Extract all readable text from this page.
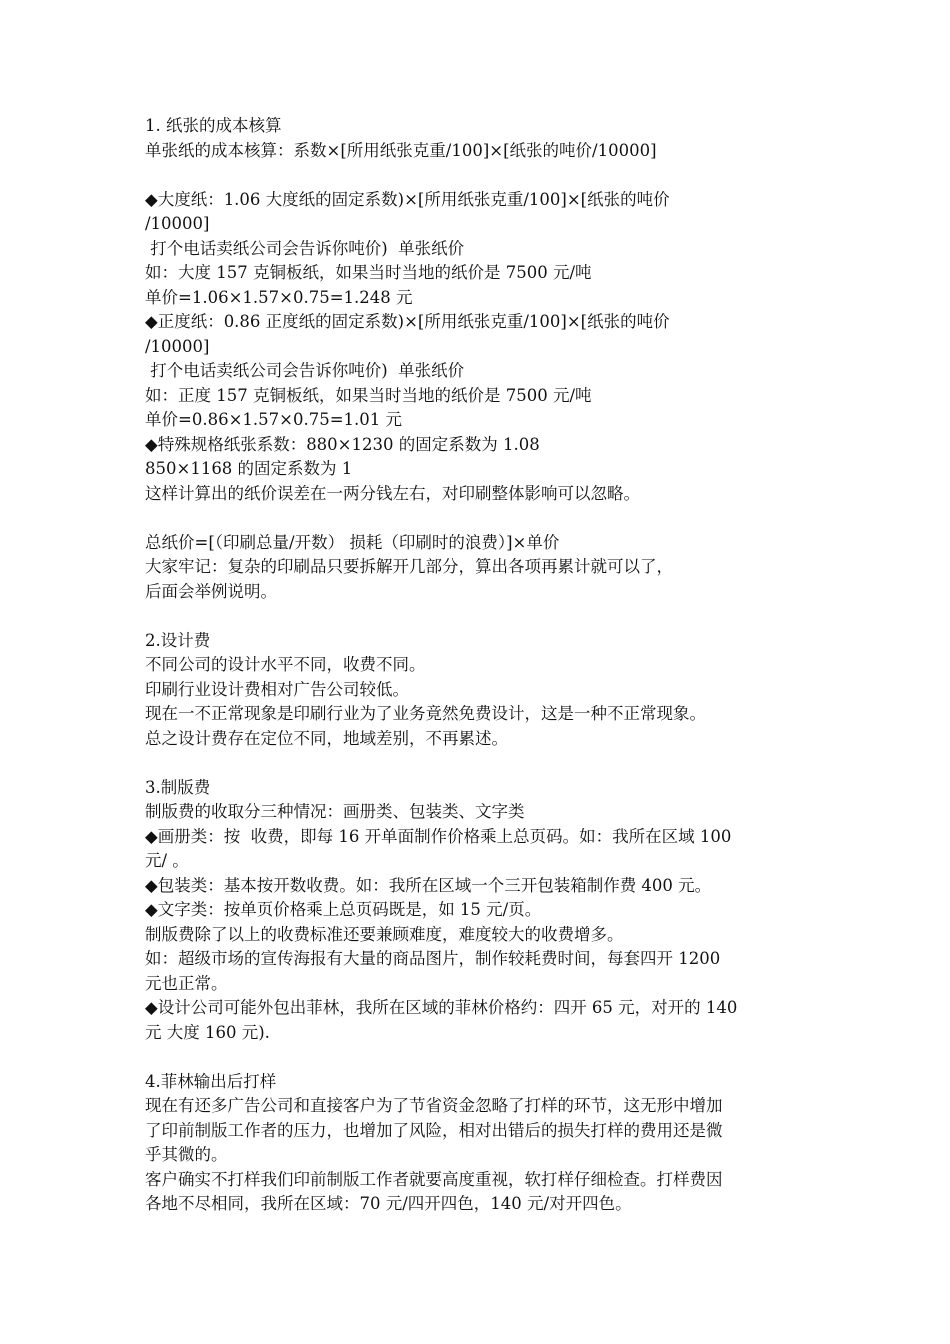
1. 纸张的成本核算
单张纸的成本核算：系数×[所用纸张克重/100]×[纸张的吨价/10000]
◆大度纸：1.06 大度纸的固定系数)×[所用纸张克重/100]×[纸张的吨价
/10000]
打个电话卖纸公司会告诉你吨价)  单张纸价
如：大度 157 克铜板纸，如果当时当地的纸价是 7500 元/吨
单价=1.06×1.57×0.75=1.248 元
◆正度纸：0.86 正度纸的固定系数)×[所用纸张克重/100]×[纸张的吨价
/10000]
打个电话卖纸公司会告诉你吨价)  单张纸价
如：正度 157 克铜板纸，如果当时当地的纸价是 7500 元/吨
单价=0.86×1.57×0.75=1.01 元
◆特殊规格纸张系数：880×1230 的固定系数为 1.08
850×1168 的固定系数为 1
这样计算出的纸价误差在一两分钱左右，对印刷整体影响可以忽略。
总纸价=[（印刷总量/开数） 损耗（印刷时的浪费）]×单价
大家牢记：复杂的印刷品只要拆解开几部分，算出各项再累计就可以了，
后面会举例说明。
2.设计费
不同公司的设计水平不同，收费不同。
印刷行业设计费相对广告公司较低。
现在一不正常现象是印刷行业为了业务竟然免费设计，这是一种不正常现象。
总之设计费存在定位不同，地域差别，不再累述。
3.制版费
制版费的收取分三种情况：画册类、包装类、文字类
◆画册类：按  收费，即每 16 开单面制作价格乘上总页码。如：我所在区域 100
元/ 。
◆包装类：基本按开数收费。如：我所在区域一个三开包装箱制作费 400 元。
◆文字类：按单页价格乘上总页码既是，如 15 元/页。
制版费除了以上的收费标准还要兼顾难度，难度较大的收费增多。
如：超级市场的宣传海报有大量的商品图片，制作较耗费时间，每套四开 1200
元也正常。
◆设计公司可能外包出菲林，我所在区域的菲林价格约：四开 65 元，对开的 140
元 大度 160 元).
4.菲林输出后打样
现在有还多广告公司和直接客户为了节省资金忽略了打样的环节，这无形中增加
了印前制版工作者的压力，也增加了风险，相对出错后的损失打样的费用还是微
乎其微的。
客户确实不打样我们印前制版工作者就要高度重视，软打样仔细检查。打样费因
各地不尽相同，我所在区域：70 元/四开四色，140 元/对开四色。
